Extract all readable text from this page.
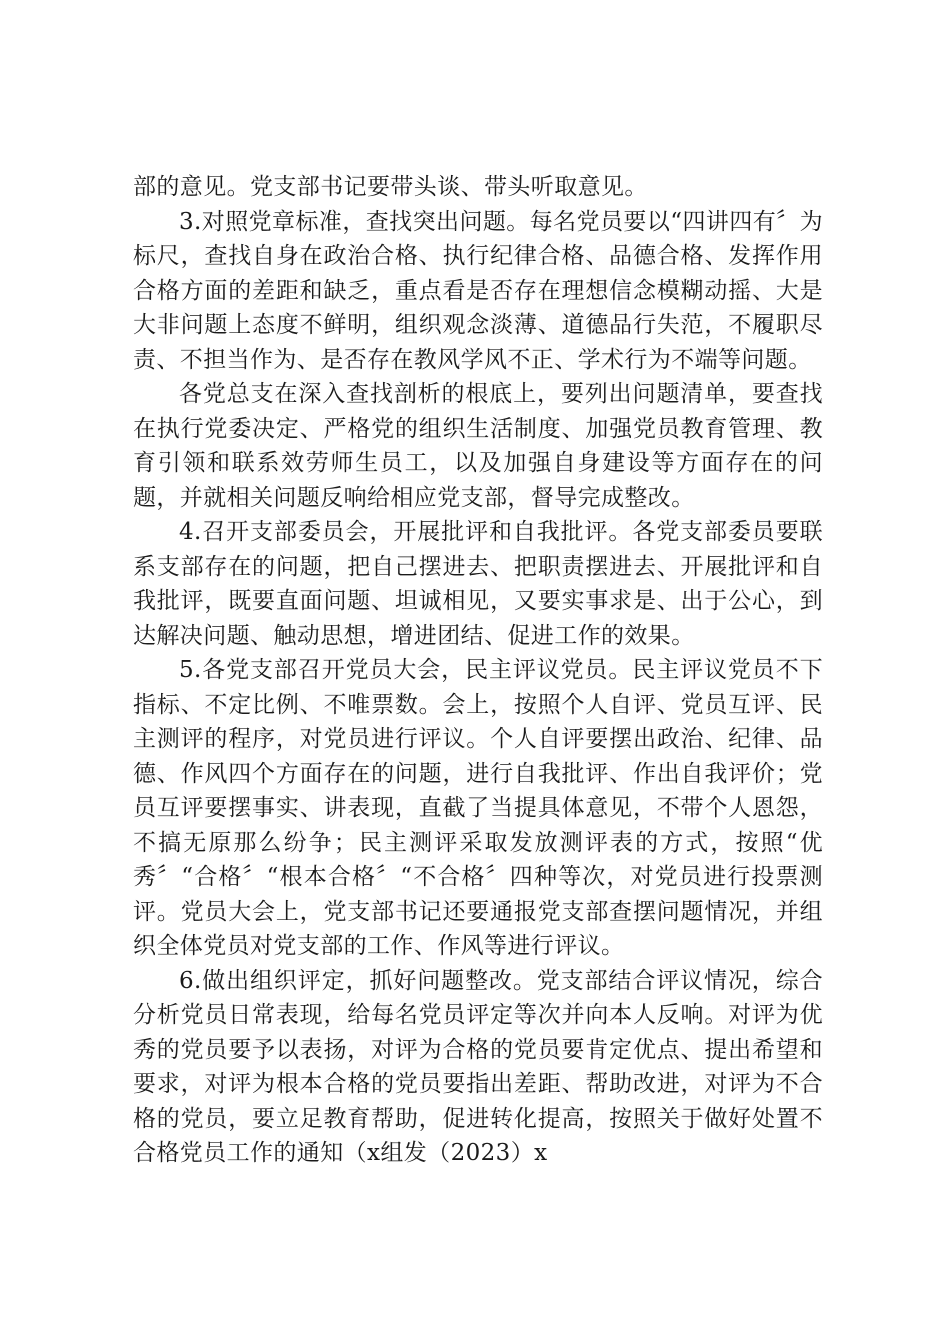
部的意见。党支部书记要带头谈、带头听取意见。

3.对照党章标准，查找突出问题。每名党员要以“四讲四有〞为标尺，查找自身在政治合格、执行纪律合格、品德合格、发挥作用合格方面的差距和缺乏，重点看是否存在理想信念模糊动摇、大是大非问题上态度不鲜明，组织观念淡薄、道德品行失范，不履职尽责、不担当作为、是否存在教风学风不正、学术行为不端等问题。

各党总支在深入查找剖析的根底上，要列出问题清单，要查找在执行党委决定、严格党的组织生活制度、加强党员教育管理、教育引领和联系效劳师生员工，以及加强自身建设等方面存在的问题，并就相关问题反响给相应党支部，督导完成整改。

4.召开支部委员会，开展批评和自我批评。各党支部委员要联系支部存在的问题，把自己摆进去、把职责摆进去、开展批评和自我批评，既要直面问题、坦诚相见，又要实事求是、出于公心，到达解决问题、触动思想，增进团结、促进工作的效果。

5.各党支部召开党员大会，民主评议党员。民主评议党员不下指标、不定比例、不唯票数。会上，按照个人自评、党员互评、民主测评的程序，对党员进行评议。个人自评要摆出政治、纪律、品德、作风四个方面存在的问题，进行自我批评、作出自我评价；党员互评要摆事实、讲表现，直截了当提具体意见，不带个人恩怨，不搞无原那么纷争；民主测评采取发放测评表的方式，按照“优秀〞“合格〞“根本合格〞“不合格〞四种等次，对党员进行投票测评。党员大会上，党支部书记还要通报党支部查摆问题情况，并组织全体党员对党支部的工作、作风等进行评议。

6.做出组织评定，抓好问题整改。党支部结合评议情况，综合分析党员日常表现，给每名党员评定等次并向本人反响。对评为优秀的党员要予以表扬，对评为合格的党员要肯定优点、提出希望和要求，对评为根本合格的党员要指出差距、帮助改进，对评为不合格的党员，要立足教育帮助，促进转化提高，按照关于做好处置不合格党员工作的通知（x组发（2023）x
